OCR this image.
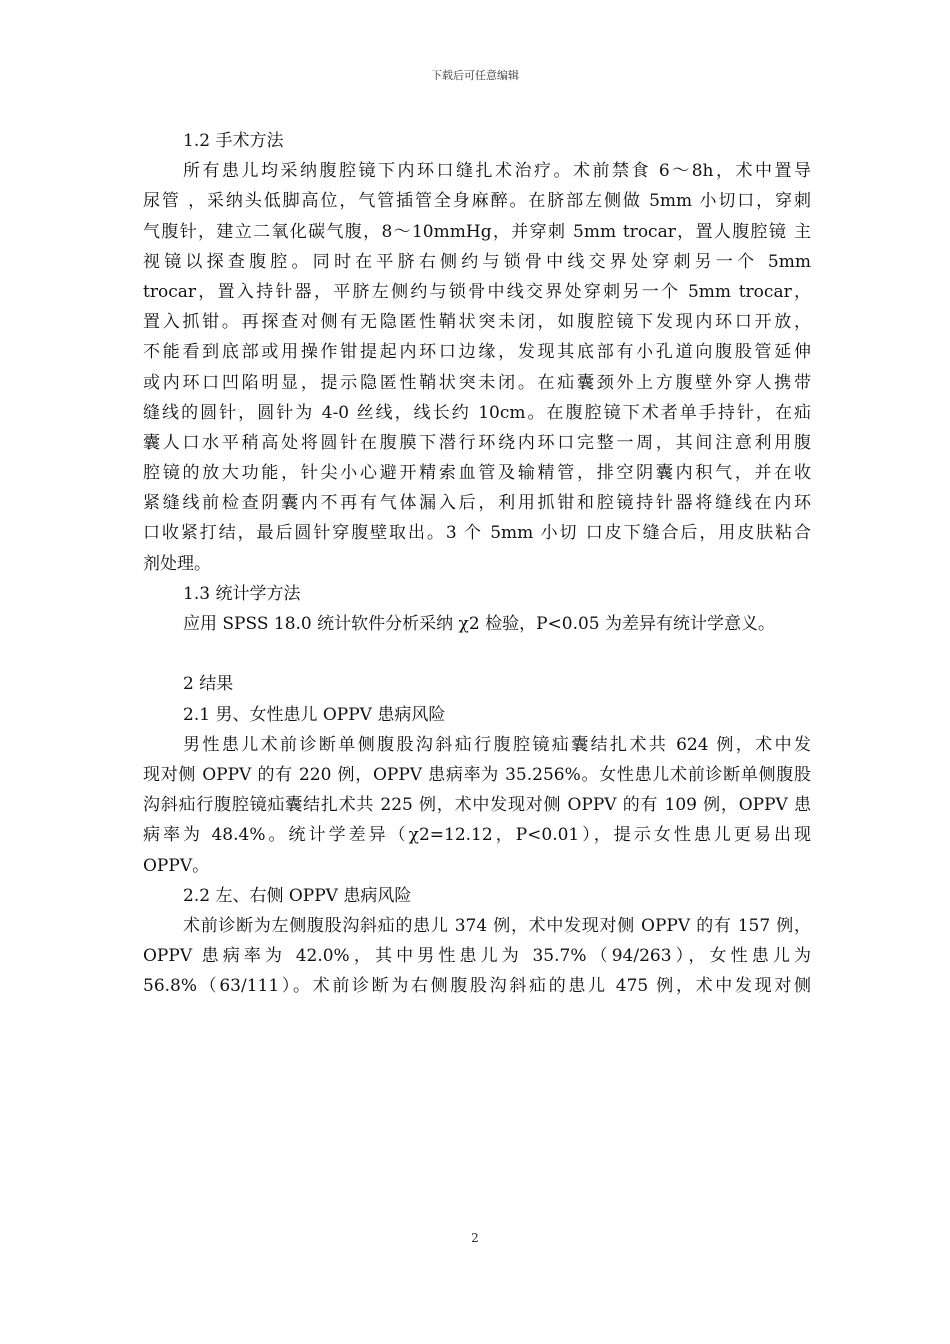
下载后可任意编辑
1.2 手术方法
所有患儿均采纳腹腔镜下内环口缝扎术治疗。术前禁食 6～8h，术中置导
尿管 ，采纳头低脚高位，气管插管全身麻醉。在脐部左侧做 5mm 小切口，穿刺
气腹针，建立二氧化碳气腹，8～10mmHg，并穿刺 5mm trocar，置人腹腔镜 主
视镜以探查腹腔。同时在平脐右侧约与锁骨中线交界处穿刺另一个 5mm
trocar，置入持针器，平脐左侧约与锁骨中线交界处穿刺另一个 5mm trocar，
置入抓钳。再探查对侧有无隐匿性鞘状突未闭，如腹腔镜下发现内环口开放，
不能看到底部或用操作钳提起内环口边缘，发现其底部有小孔道向腹股管延伸
或内环口凹陷明显，提示隐匿性鞘状突未闭。在疝囊颈外上方腹壁外穿人携带
缝线的圆针，圆针为 4-0 丝线，线长约 10cm。在腹腔镜下术者单手持针，在疝
囊人口水平稍高处将圆针在腹膜下潜行环绕内环口完整一周，其间注意利用腹
腔镜的放大功能，针尖小心避开精索血管及输精管，排空阴囊内积气，并在收
紧缝线前检查阴囊内不再有气体漏入后，利用抓钳和腔镜持针器将缝线在内环
口收紧打结，最后圆针穿腹壁取出。3 个 5mm 小切 口皮下缝合后，用皮肤粘合
剂处理。
1.3 统计学方法
应用 SPSS 18.0 统计软件分析采纳 χ2 检验，P<0.05 为差异有统计学意义。
2 结果
2.1 男、女性患儿 OPPV 患病风险
男性患儿术前诊断单侧腹股沟斜疝行腹腔镜疝囊结扎术共 624 例，术中发
现对侧 OPPV 的有 220 例，OPPV 患病率为 35.256%。女性患儿术前诊断单侧腹股
沟斜疝行腹腔镜疝囊结扎术共 225 例，术中发现对侧 OPPV 的有 109 例，OPPV 患
病率为 48.4%。统计学差异（χ2=12.12，P<0.01），提示女性患儿更易出现
OPPV。
2.2 左、右侧 OPPV 患病风险
术前诊断为左侧腹股沟斜疝的患儿 374 例，术中发现对侧 OPPV 的有 157 例，
OPPV 患病率为 42.0%，其中男性患儿为 35.7%（94/263），女性患儿为
56.8%（63/111）。术前诊断为右侧腹股沟斜疝的患儿 475 例，术中发现对侧
2
